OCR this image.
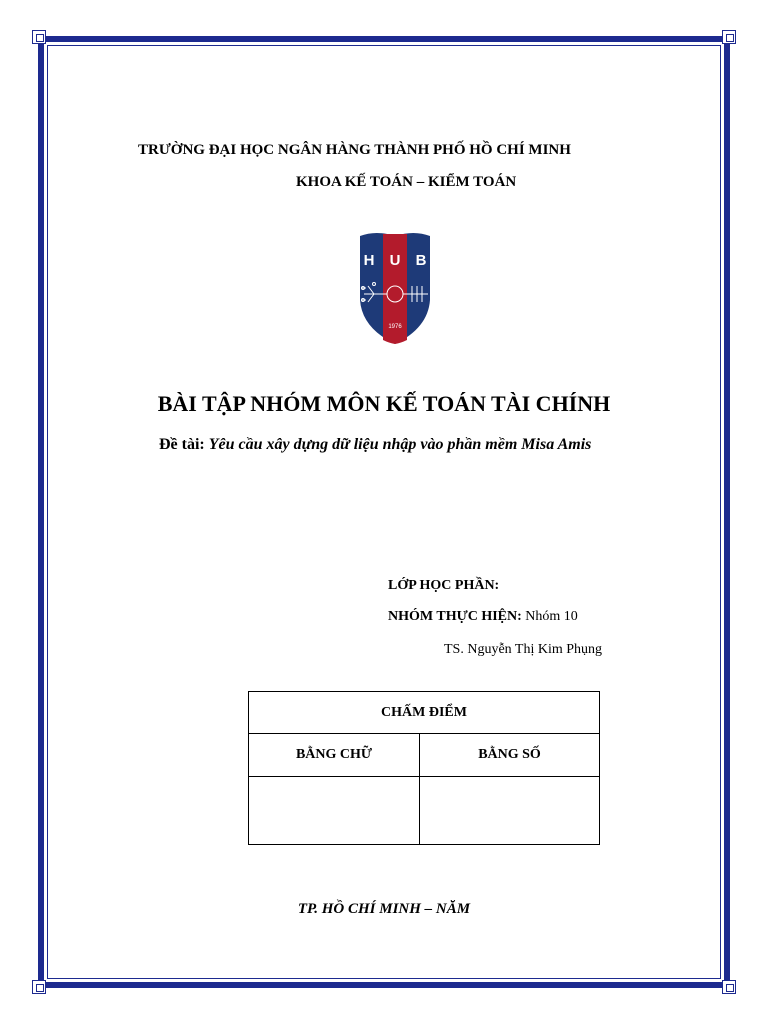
TRƯỜNG ĐẠI HỌC NGÂN HÀNG THÀNH PHỐ HỒ CHÍ MINH
KHOA KẾ TOÁN – KIỂM TOÁN
H U B
1976
BÀI TẬP NHÓM MÔN KẾ TOÁN TÀI CHÍNH
Đề tài: Yêu cầu xây dựng dữ liệu nhập vào phần mềm Misa Amis
LỚP HỌC PHẦN:
NHÓM THỰC HIỆN: Nhóm 10
TS. Nguyễn Thị Kim Phụng
CHẤM ĐIỂM	
BẰNG CHỮ	BẰNG SỐ

TP. HỒ CHÍ MINH – NĂM
